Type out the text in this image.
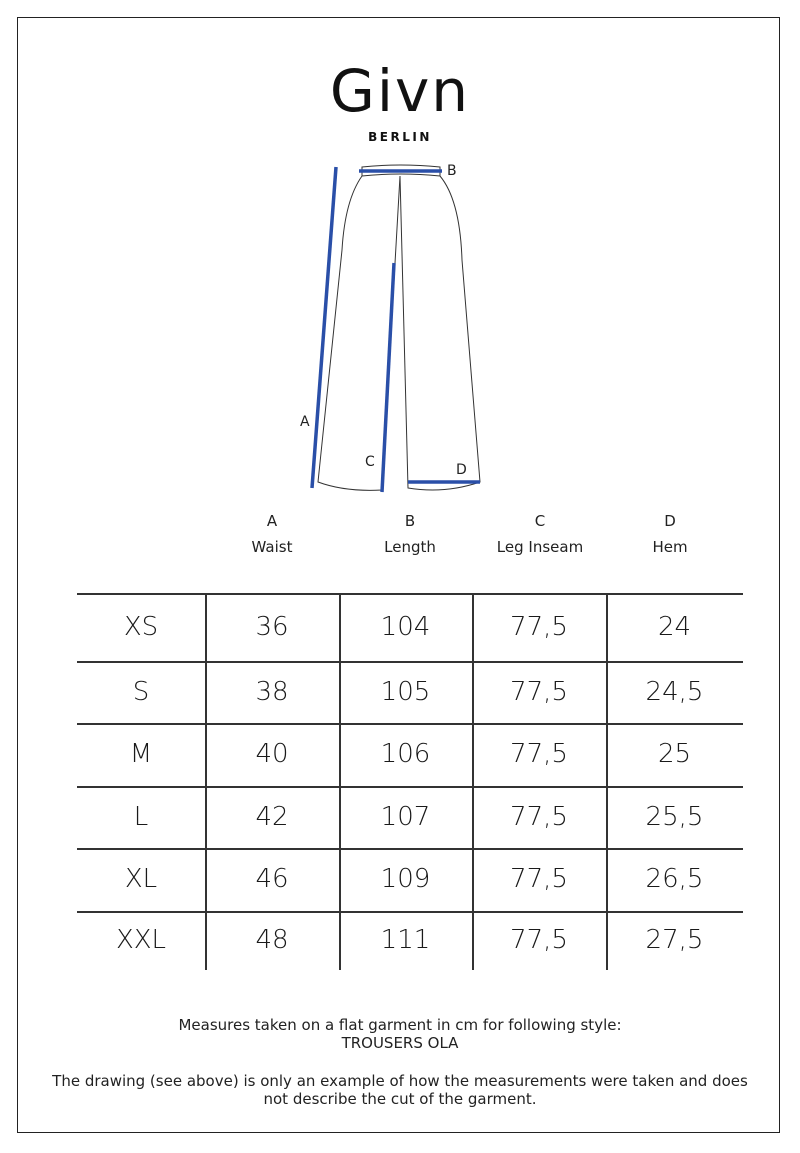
Givn
BERLIN
A
B
C	D
A	B	C	D
Waist	Length	Leg Inseam	Hem
XS	36	104	77,5	24
S	38	105	77,5	24,5
M	40	106	77,5	25
L	42	107	77,5	25,5
XL	46	109	77,5	26,5
XXL	48	111	77,5	27,5
Measures taken on a flat garment in cm for following style:
TROUSERS OLA
The drawing (see above) is only an example of how the measurements were taken and does
not describe the cut of the garment.
